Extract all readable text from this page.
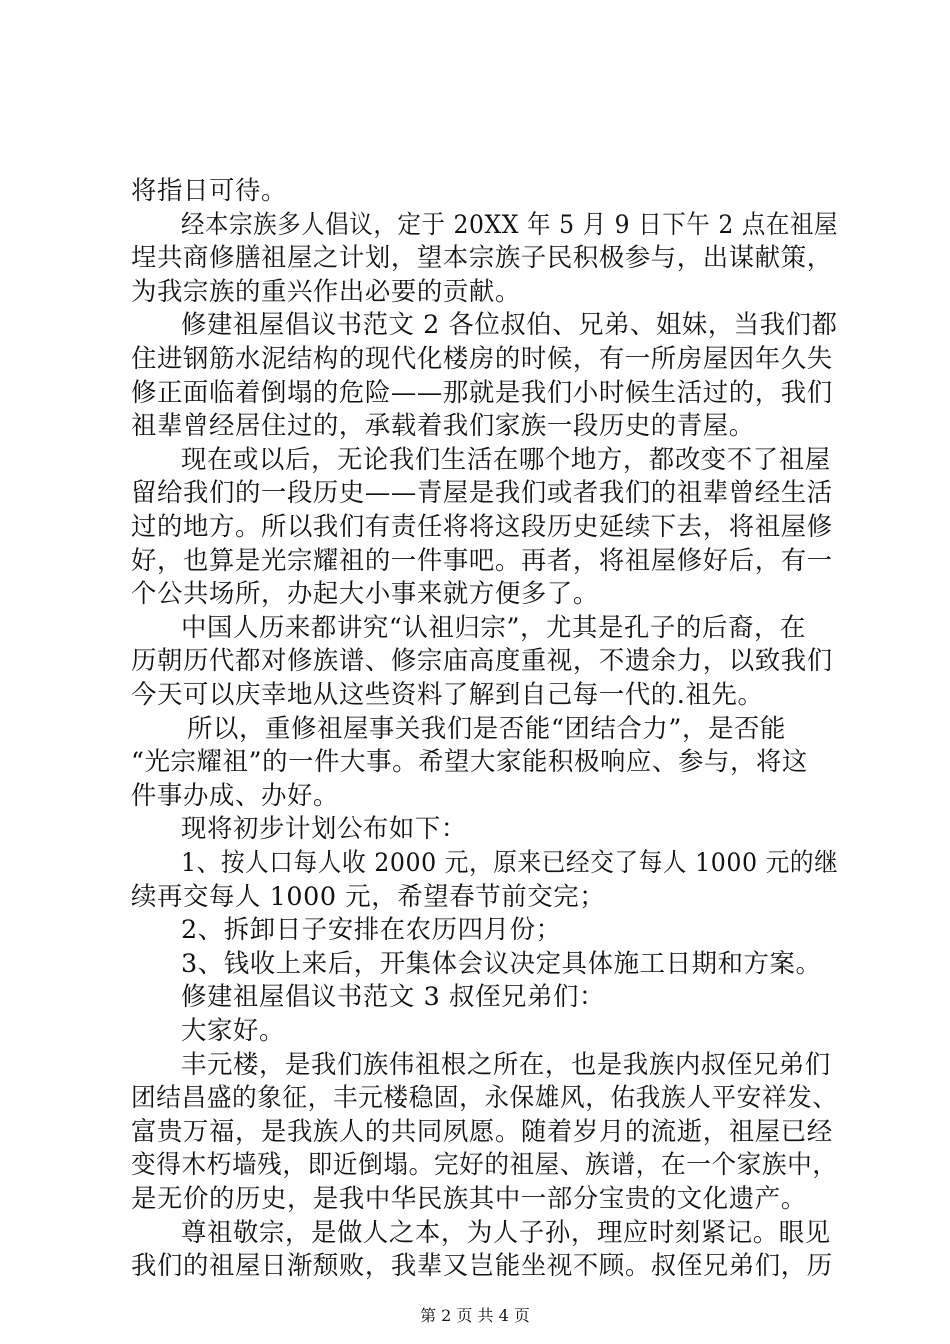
将指日可待。
经本宗族多人倡议，定于 20XX 年 5 月 9 日下午 2 点在祖屋
埕共商修膳祖屋之计划，望本宗族子民积极参与，出谋献策，
为我宗族的重兴作出必要的贡献。
修建祖屋倡议书范文 2 各位叔伯、兄弟、姐妹，当我们都
住进钢筋水泥结构的现代化楼房的时候，有一所房屋因年久失
修正面临着倒塌的危险——那就是我们小时候生活过的，我们
祖辈曾经居住过的，承载着我们家族一段历史的青屋。
现在或以后，无论我们生活在哪个地方，都改变不了祖屋
留给我们的一段历史——青屋是我们或者我们的祖辈曾经生活
过的地方。所以我们有责任将将这段历史延续下去，将祖屋修
好，也算是光宗耀祖的一件事吧。再者，将祖屋修好后，有一
个公共场所，办起大小事来就方便多了。
中国人历来都讲究“认祖归宗”，尤其是孔子的后裔，在
历朝历代都对修族谱、修宗庙高度重视，不遗余力，以致我们
今天可以庆幸地从这些资料了解到自己每一代的.祖先。
所以，重修祖屋事关我们是否能“团结合力”，是否能
“光宗耀祖”的一件大事。希望大家能积极响应、参与，将这
件事办成、办好。
现将初步计划公布如下：
1、按人口每人收 2000 元，原来已经交了每人 1000 元的继
续再交每人 1000 元，希望春节前交完；
2、拆卸日子安排在农历四月份；
3、钱收上来后，开集体会议决定具体施工日期和方案。
修建祖屋倡议书范文 3 叔侄兄弟们：
大家好。
丰元楼，是我们族伟祖根之所在，也是我族内叔侄兄弟们
团结昌盛的象征，丰元楼稳固，永保雄风，佑我族人平安祥发、
富贵万福，是我族人的共同夙愿。随着岁月的流逝，祖屋已经
变得木朽墙残，即近倒塌。完好的祖屋、族谱，在一个家族中，
是无价的历史，是我中华民族其中一部分宝贵的文化遗产。
尊祖敬宗，是做人之本，为人子孙，理应时刻紧记。眼见
我们的祖屋日渐颓败，我辈又岂能坐视不顾。叔侄兄弟们，历
第 2 页 共 4 页
